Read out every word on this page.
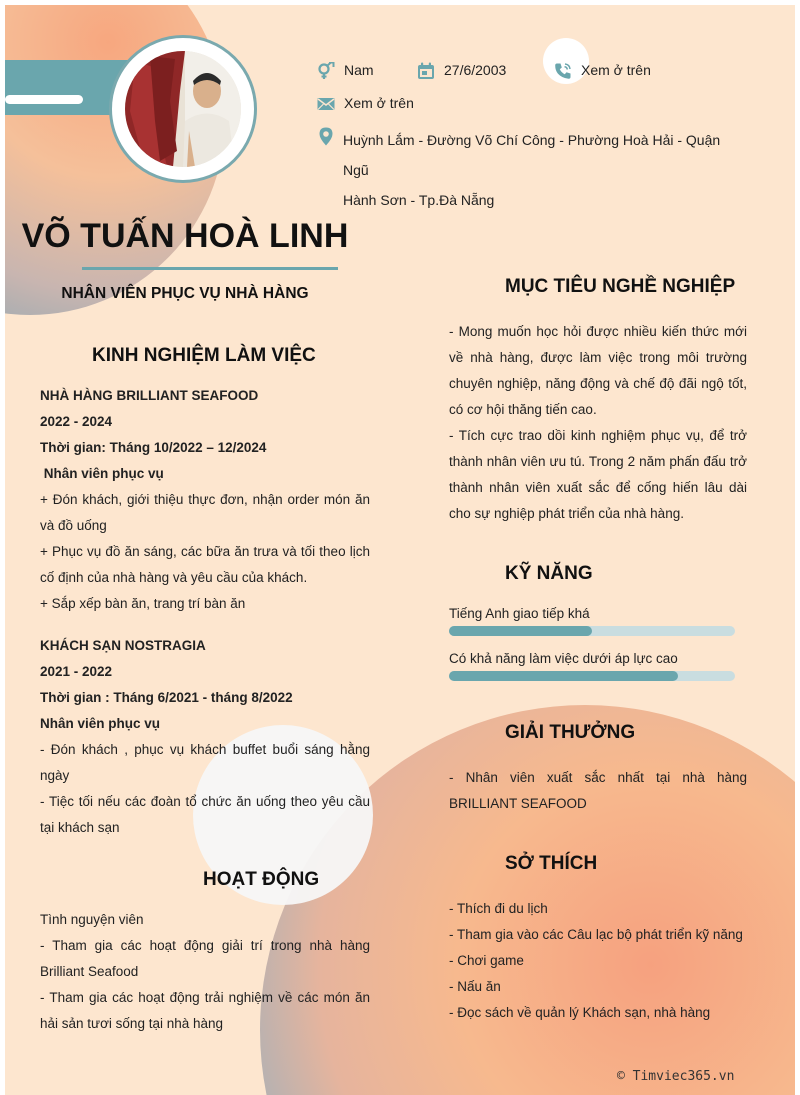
Nam	27/6/2003	Xem ở trên
Xem ở trên
Huỳnh Lắm - Đường Võ Chí Công - Phường Hoà Hải - Quận Ngũ
Hành Sơn - Tp.Đà Nẵng
VÕ TUẤN HOÀ LINH
NHÂN VIÊN PHỤC VỤ NHÀ HÀNG
KINH NGHIỆM LÀM VIỆC

NHÀ HÀNG BRILLIANT SEAFOOD

2022 - 2024

Thời gian: Tháng 10/2022 – 12/2024

Nhân viên phục vụ

+ Đón khách, giới thiệu thực đơn, nhận order món ăn và đồ uống

+ Phục vụ đồ ăn sáng, các bữa ăn trưa và tối theo lịch cố định của nhà hàng và yêu cầu của khách.

+ Sắp xếp bàn ăn, trang trí bàn ăn

KHÁCH SẠN NOSTRAGIA

2021 - 2022

Thời gian : Tháng 6/2021 - tháng 8/2022

Nhân viên phục vụ

- Đón khách , phục vụ khách buffet buổi sáng hằng ngày

- Tiệc tối nếu các đoàn tổ chức ăn uống theo yêu cầu tại khách sạn

HOẠT ĐỘNG

Tình nguyện viên

- Tham gia các hoạt động giải trí trong nhà hàng Brilliant Seafood

- Tham gia các hoạt động trải nghiệm về các món ăn hải sản tươi sống tại nhà hàng

MỤC TIÊU NGHỀ NGHIỆP

- Mong muốn học hỏi được nhiều kiến thức mới về nhà hàng, được làm việc trong môi trường chuyên nghiệp, năng động và chế độ đãi ngộ tốt, có cơ hội thăng tiến cao.

- Tích cực trao dồi kinh nghiệm phục vụ, để trở thành nhân viên ưu tú. Trong 2 năm phấn đấu trở thành nhân viên xuất sắc để cống hiến lâu dài cho sự nghiệp phát triển của nhà hàng.

KỸ NĂNG
Tiếng Anh giao tiếp khá
Có khả năng làm việc dưới áp lực cao
GIẢI THƯỞNG

- Nhân viên xuất sắc nhất tại nhà hàng BRILLIANT SEAFOOD

SỞ THÍCH

- Thích đi du lịch

- Tham gia vào các Câu lạc bộ phát triển kỹ năng

- Chơi game

- Nấu ăn

- Đọc sách về quản lý Khách sạn, nhà hàng

© Timviec365.vn
